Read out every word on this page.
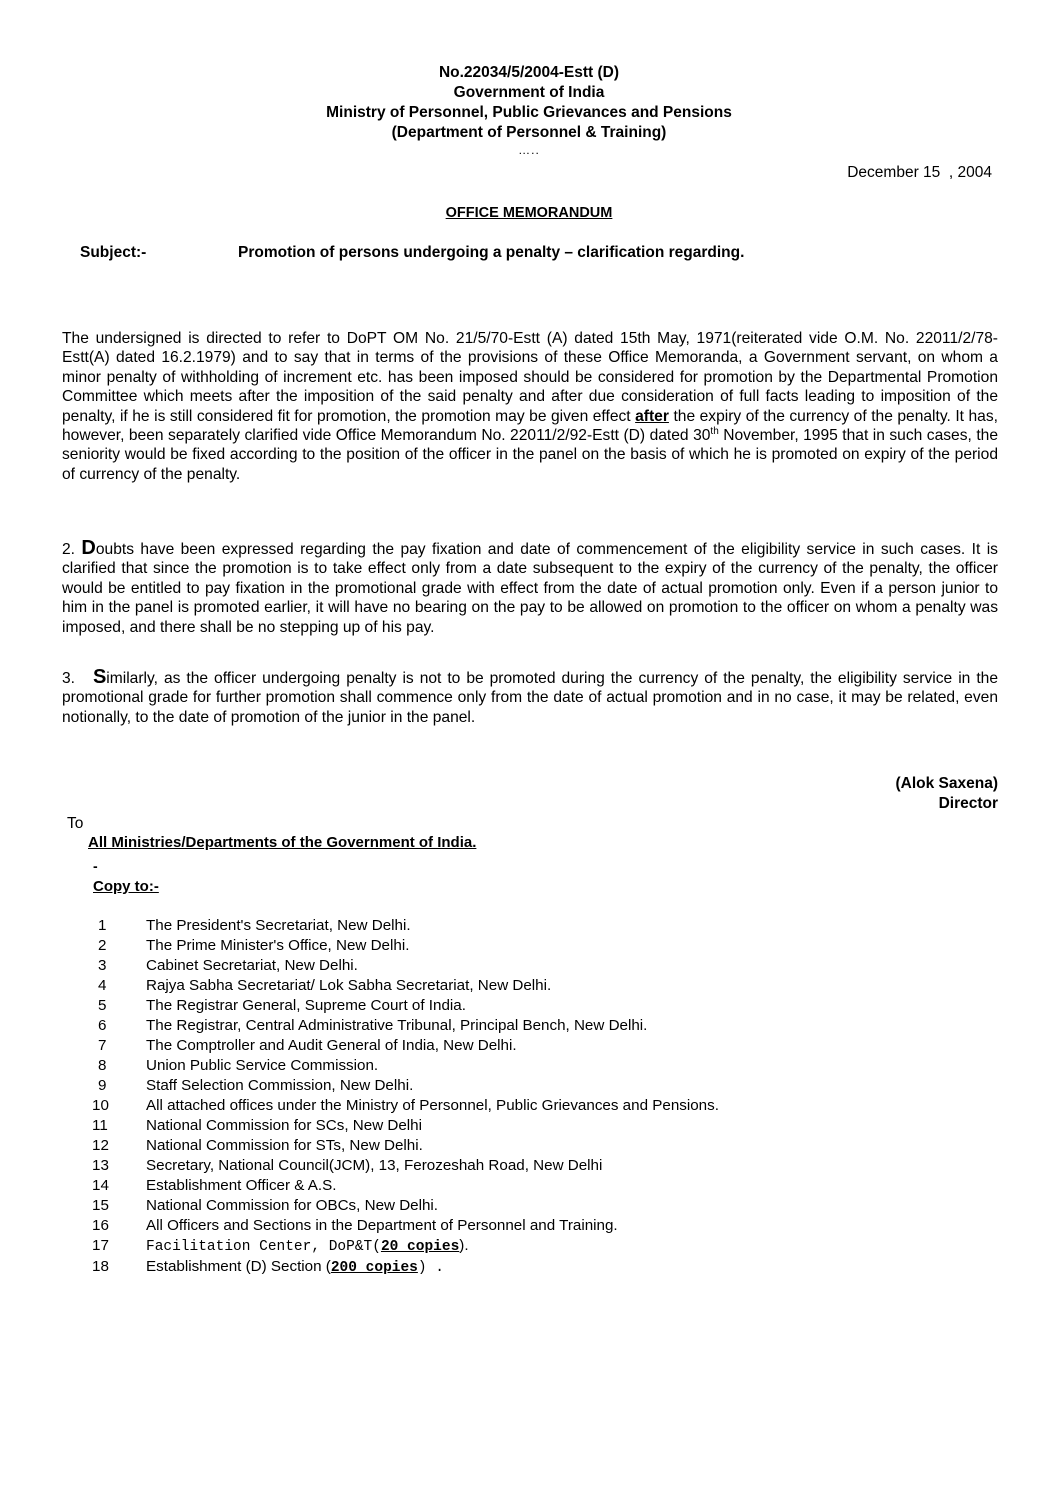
No.22034/5/2004-Estt (D)
Government of India
Ministry of Personnel, Public Grievances and Pensions
(Department of Personnel & Training)
…..
December 15  , 2004
OFFICE MEMORANDUM
Subject:-	Promotion of persons undergoing a penalty – clarification regarding.
The undersigned is directed to refer to DoPT OM No. 21/5/70-Estt (A) dated 15th May, 1971(reiterated vide O.M. No. 22011/2/78-Estt(A) dated 16.2.1979) and to say that in terms of the provisions of these Office Memoranda, a Government servant, on whom a minor penalty of withholding of increment etc. has been imposed should be considered for promotion by the Departmental Promotion Committee which meets after the imposition of the said penalty and after due consideration of full facts leading to imposition of the penalty, if he is still considered fit for promotion, the promotion may be given effect after the expiry of the currency of the penalty. It has, however, been separately clarified vide Office Memorandum No. 22011/2/92-Estt (D) dated 30th November, 1995 that in such cases, the seniority would be fixed according to the position of the officer in the panel on the basis of which he is promoted on expiry of the period of currency of the penalty.
2. Doubts have been expressed regarding the pay fixation and date of commencement of the eligibility service in such cases. It is clarified that since the promotion is to take effect only from a date subsequent to the expiry of the currency of the penalty, the officer would be entitled to pay fixation in the promotional grade with effect from the date of actual promotion only. Even if a person junior to him in the panel is promoted earlier, it will have no bearing on the pay to be allowed on promotion to the officer on whom a penalty was imposed, and there shall be no stepping up of his pay.
3. Similarly, as the officer undergoing penalty is not to be promoted during the currency of the penalty, the eligibility service in the promotional grade for further promotion shall commence only from the date of actual promotion and in no case, it may be related, even notionally, to the date of promotion of the junior in the panel.
(Alok Saxena)
Director
To
All Ministries/Departments of the Government of India.
-
Copy to:-
1	The President's Secretariat, New Delhi.
2	The Prime Minister's Office, New Delhi.
3	Cabinet Secretariat, New Delhi.
4	Rajya Sabha Secretariat/ Lok Sabha Secretariat, New Delhi.
5	The Registrar General, Supreme Court of India.
6	The Registrar, Central Administrative Tribunal, Principal Bench, New Delhi.
7	The Comptroller and Audit General of India, New Delhi.
8	Union Public Service Commission.
9	Staff Selection Commission, New Delhi.
10	All attached offices under the Ministry of Personnel, Public Grievances and Pensions.
11	National Commission for SCs, New Delhi
12	National Commission for STs, New Delhi.
13	Secretary, National Council(JCM), 13, Ferozeshah Road, New Delhi
14	Establishment Officer & A.S.
15	National Commission for OBCs, New Delhi.
16	All Officers and Sections in the Department of Personnel and Training.
17	Facilitation Center, DoP&T(20 copies).
18	Establishment (D) Section (200 copies) .
